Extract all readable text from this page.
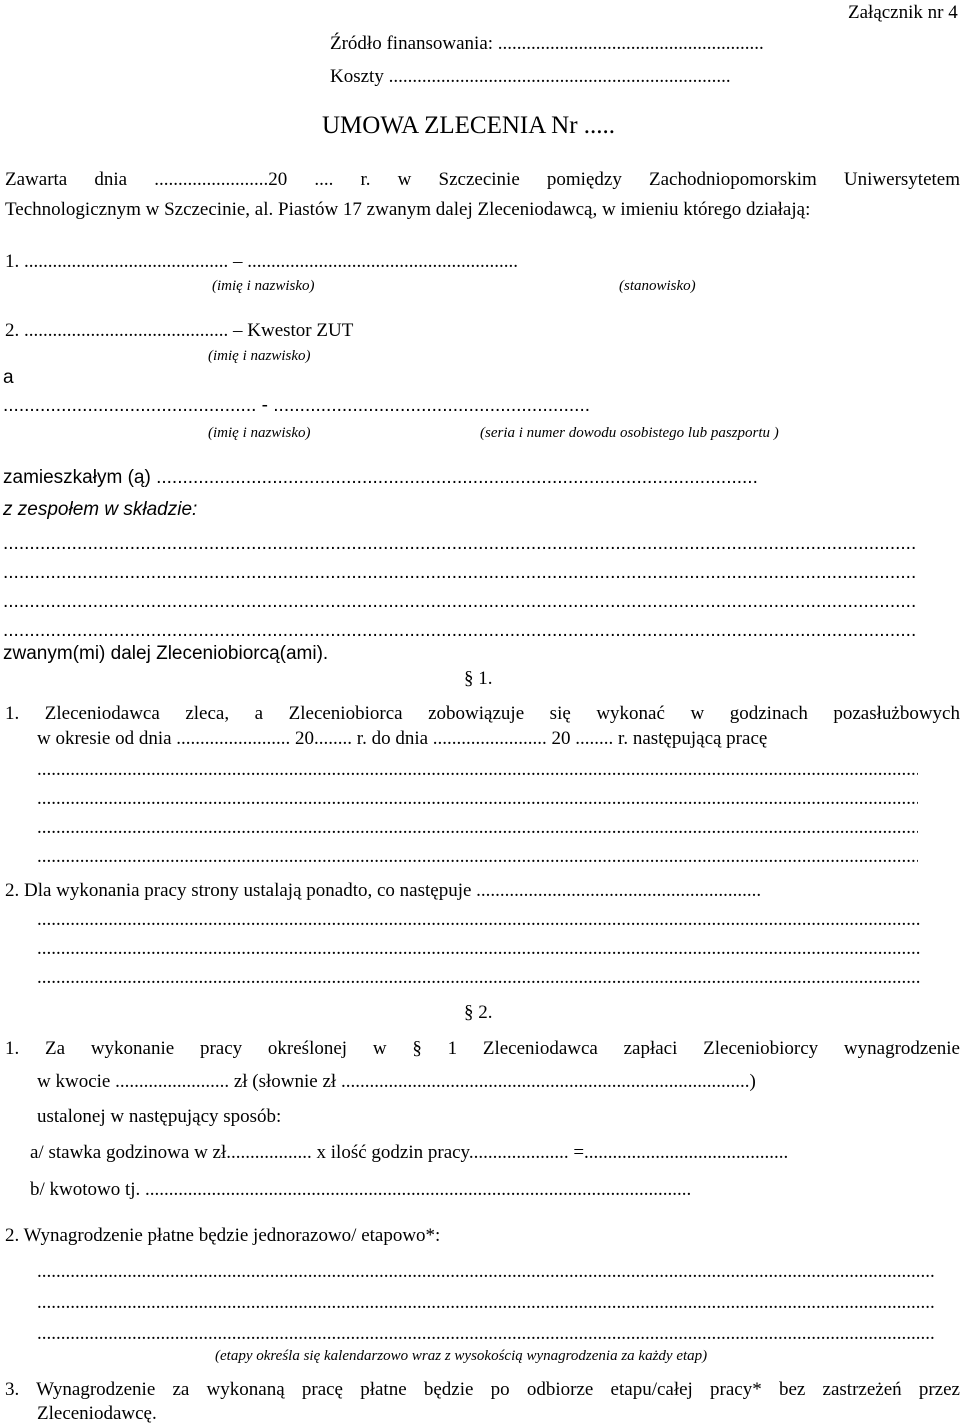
Załącznik nr 4
Źródło finansowania: ........................................................
Koszty ........................................................................
UMOWA ZLECENIA Nr .....
Zawarta dnia ........................20 .... r. w Szczecinie pomiędzy Zachodniopomorskim Uniwersytetem
Technologicznym w Szczecinie, al. Piastów 17 zwanym dalej Zleceniodawcą, w imieniu którego działają:
1. ........................................... – .........................................................
(imię i nazwisko)	(stanowisko)
2. ........................................... – Kwestor ZUT
(imię i nazwisko)
a
................................................ - ............................................................
(imię i nazwisko)	(seria i numer dowodu osobistego lub paszportu )
zamieszkałym (ą) ..................................................................................................................
z zespołem w składzie:
.....
.....
.....
.....
zwanym(mi) dalej Zleceniobiorcą(ami).
§ 1.
1. Zleceniodawca zleca, a Zleceniobiorca zobowiązuje się wykonać w godzinach pozasłużbowych
w okresie od dnia ........................ 20........ r. do dnia ........................ 20 ........ r. następującą pracę
.....
.....
.....
.....
2. Dla wykonania pracy strony ustalają ponadto, co następuje ............................................................
.....
.....
.....
§ 2.
1. Za wykonanie pracy określonej w § 1 Zleceniodawca zapłaci Zleceniobiorcy wynagrodzenie
w kwocie ........................ zł (słownie zł ......................................................................................)
ustalonej w następujący sposób:
a/ stawka godzinowa w zł.................. x ilość godzin pracy..................... =...........................................
b/ kwotowo tj. ...................................................................................................................
2. Wynagrodzenie płatne będzie jednorazowo/ etapowo*:
.....
.....
.....
(etapy określa się kalendarzowo wraz z wysokością wynagrodzenia za każdy etap)
3. Wynagrodzenie za wykonaną pracę płatne będzie po odbiorze etapu/całej pracy* bez zastrzeżeń przez
Zleceniodawcę.
